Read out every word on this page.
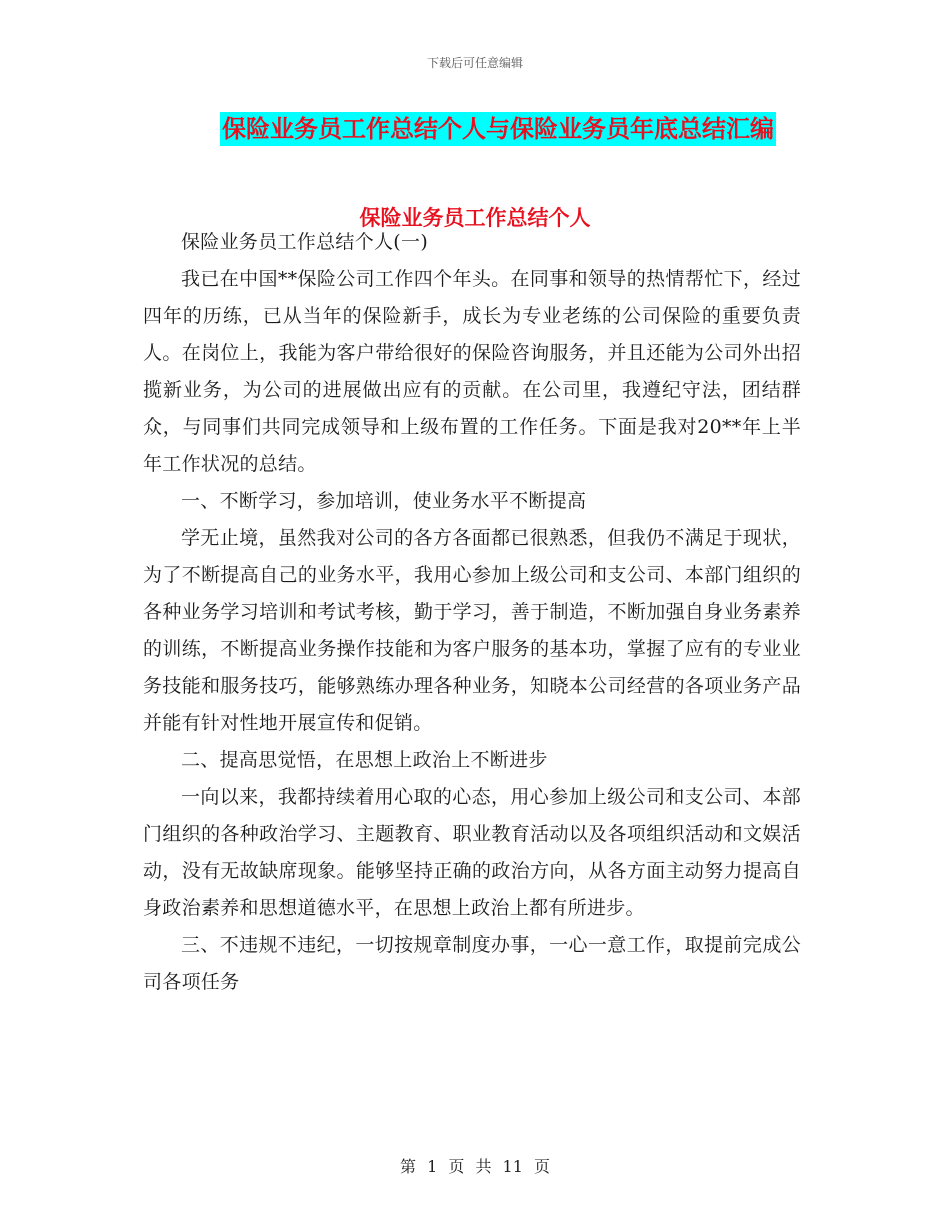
下载后可任意编辑
保险业务员工作总结个人与保险业务员年底总结汇编
保险业务员工作总结个人

保险业务员工作总结个人(一)

我已在中国**保险公司工作四个年头。在同事和领导的热情帮忙下，经过四年的历练，已从当年的保险新手，成长为专业老练的公司保险的重要负责人。在岗位上，我能为客户带给很好的保险咨询服务，并且还能为公司外出招揽新业务，为公司的进展做出应有的贡献。在公司里，我遵纪守法，团结群众，与同事们共同完成领导和上级布置的工作任务。下面是我对20**年上半年工作状况的总结。

一、不断学习，参加培训，使业务水平不断提高

学无止境，虽然我对公司的各方各面都已很熟悉，但我仍不满足于现状，为了不断提高自己的业务水平，我用心参加上级公司和支公司、本部门组织的各种业务学习培训和考试考核，勤于学习，善于制造，不断加强自身业务素养的训练，不断提高业务操作技能和为客户服务的基本功，掌握了应有的专业业务技能和服务技巧，能够熟练办理各种业务，知晓本公司经营的各项业务产品并能有针对性地开展宣传和促销。

二、提高思觉悟，在思想上政治上不断进步

一向以来，我都持续着用心取的心态，用心参加上级公司和支公司、本部门组织的各种政治学习、主题教育、职业教育活动以及各项组织活动和文娱活动，没有无故缺席现象。能够坚持正确的政治方向，从各方面主动努力提高自身政治素养和思想道德水平，在思想上政治上都有所进步。

三、不违规不违纪，一切按规章制度办事，一心一意工作，取提前完成公司各项任务

第 1 页 共 11 页
